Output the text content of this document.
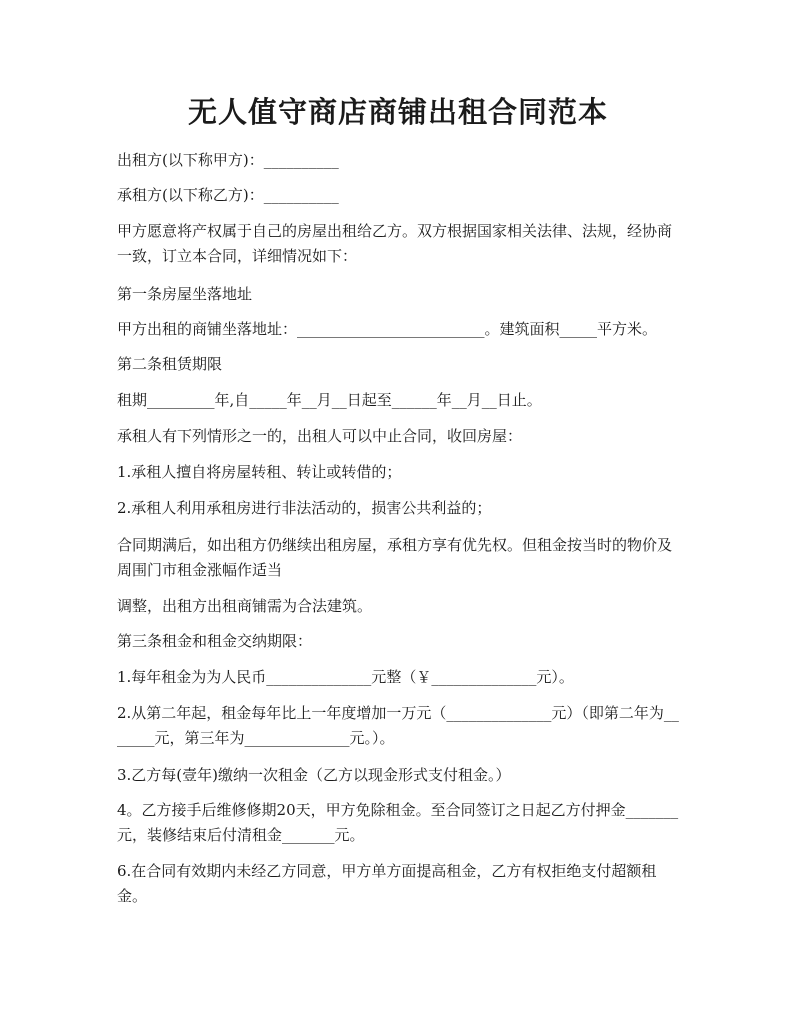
无人值守商店商铺出租合同范本
出租方(以下称甲方)：__________
承租方(以下称乙方)：__________
甲方愿意将产权属于自己的房屋出租给乙方。双方根据国家相关法律、法规，经协商一致，订立本合同，详细情况如下：
第一条房屋坐落地址
甲方出租的商铺坐落地址：_________________________。建筑面积_____平方米。
第二条租赁期限
租期_________年,自_____年__月__日起至______年__月__日止。
承租人有下列情形之一的，出租人可以中止合同，收回房屋：
1.承租人擅自将房屋转租、转让或转借的；
2.承租人利用承租房进行非法活动的，损害公共利益的；
合同期满后，如出租方仍继续出租房屋，承租方享有优先权。但租金按当时的物价及周围门市租金涨幅作适当
调整，出租方出租商铺需为合法建筑。
第三条租金和租金交纳期限：
1.每年租金为为人民币______________元整（￥______________元）。
2.从第二年起，租金每年比上一年度增加一万元（______________元）（即第二年为_______元，第三年为______________元。）。
3.乙方每(壹年)缴纳一次租金（乙方以现金形式支付租金。）
4。乙方接手后维修修期20天，甲方免除租金。至合同签订之日起乙方付押金_______元，装修结束后付清租金_______元。
6.在合同有效期内未经乙方同意，甲方单方面提高租金，乙方有权拒绝支付超额租金。
